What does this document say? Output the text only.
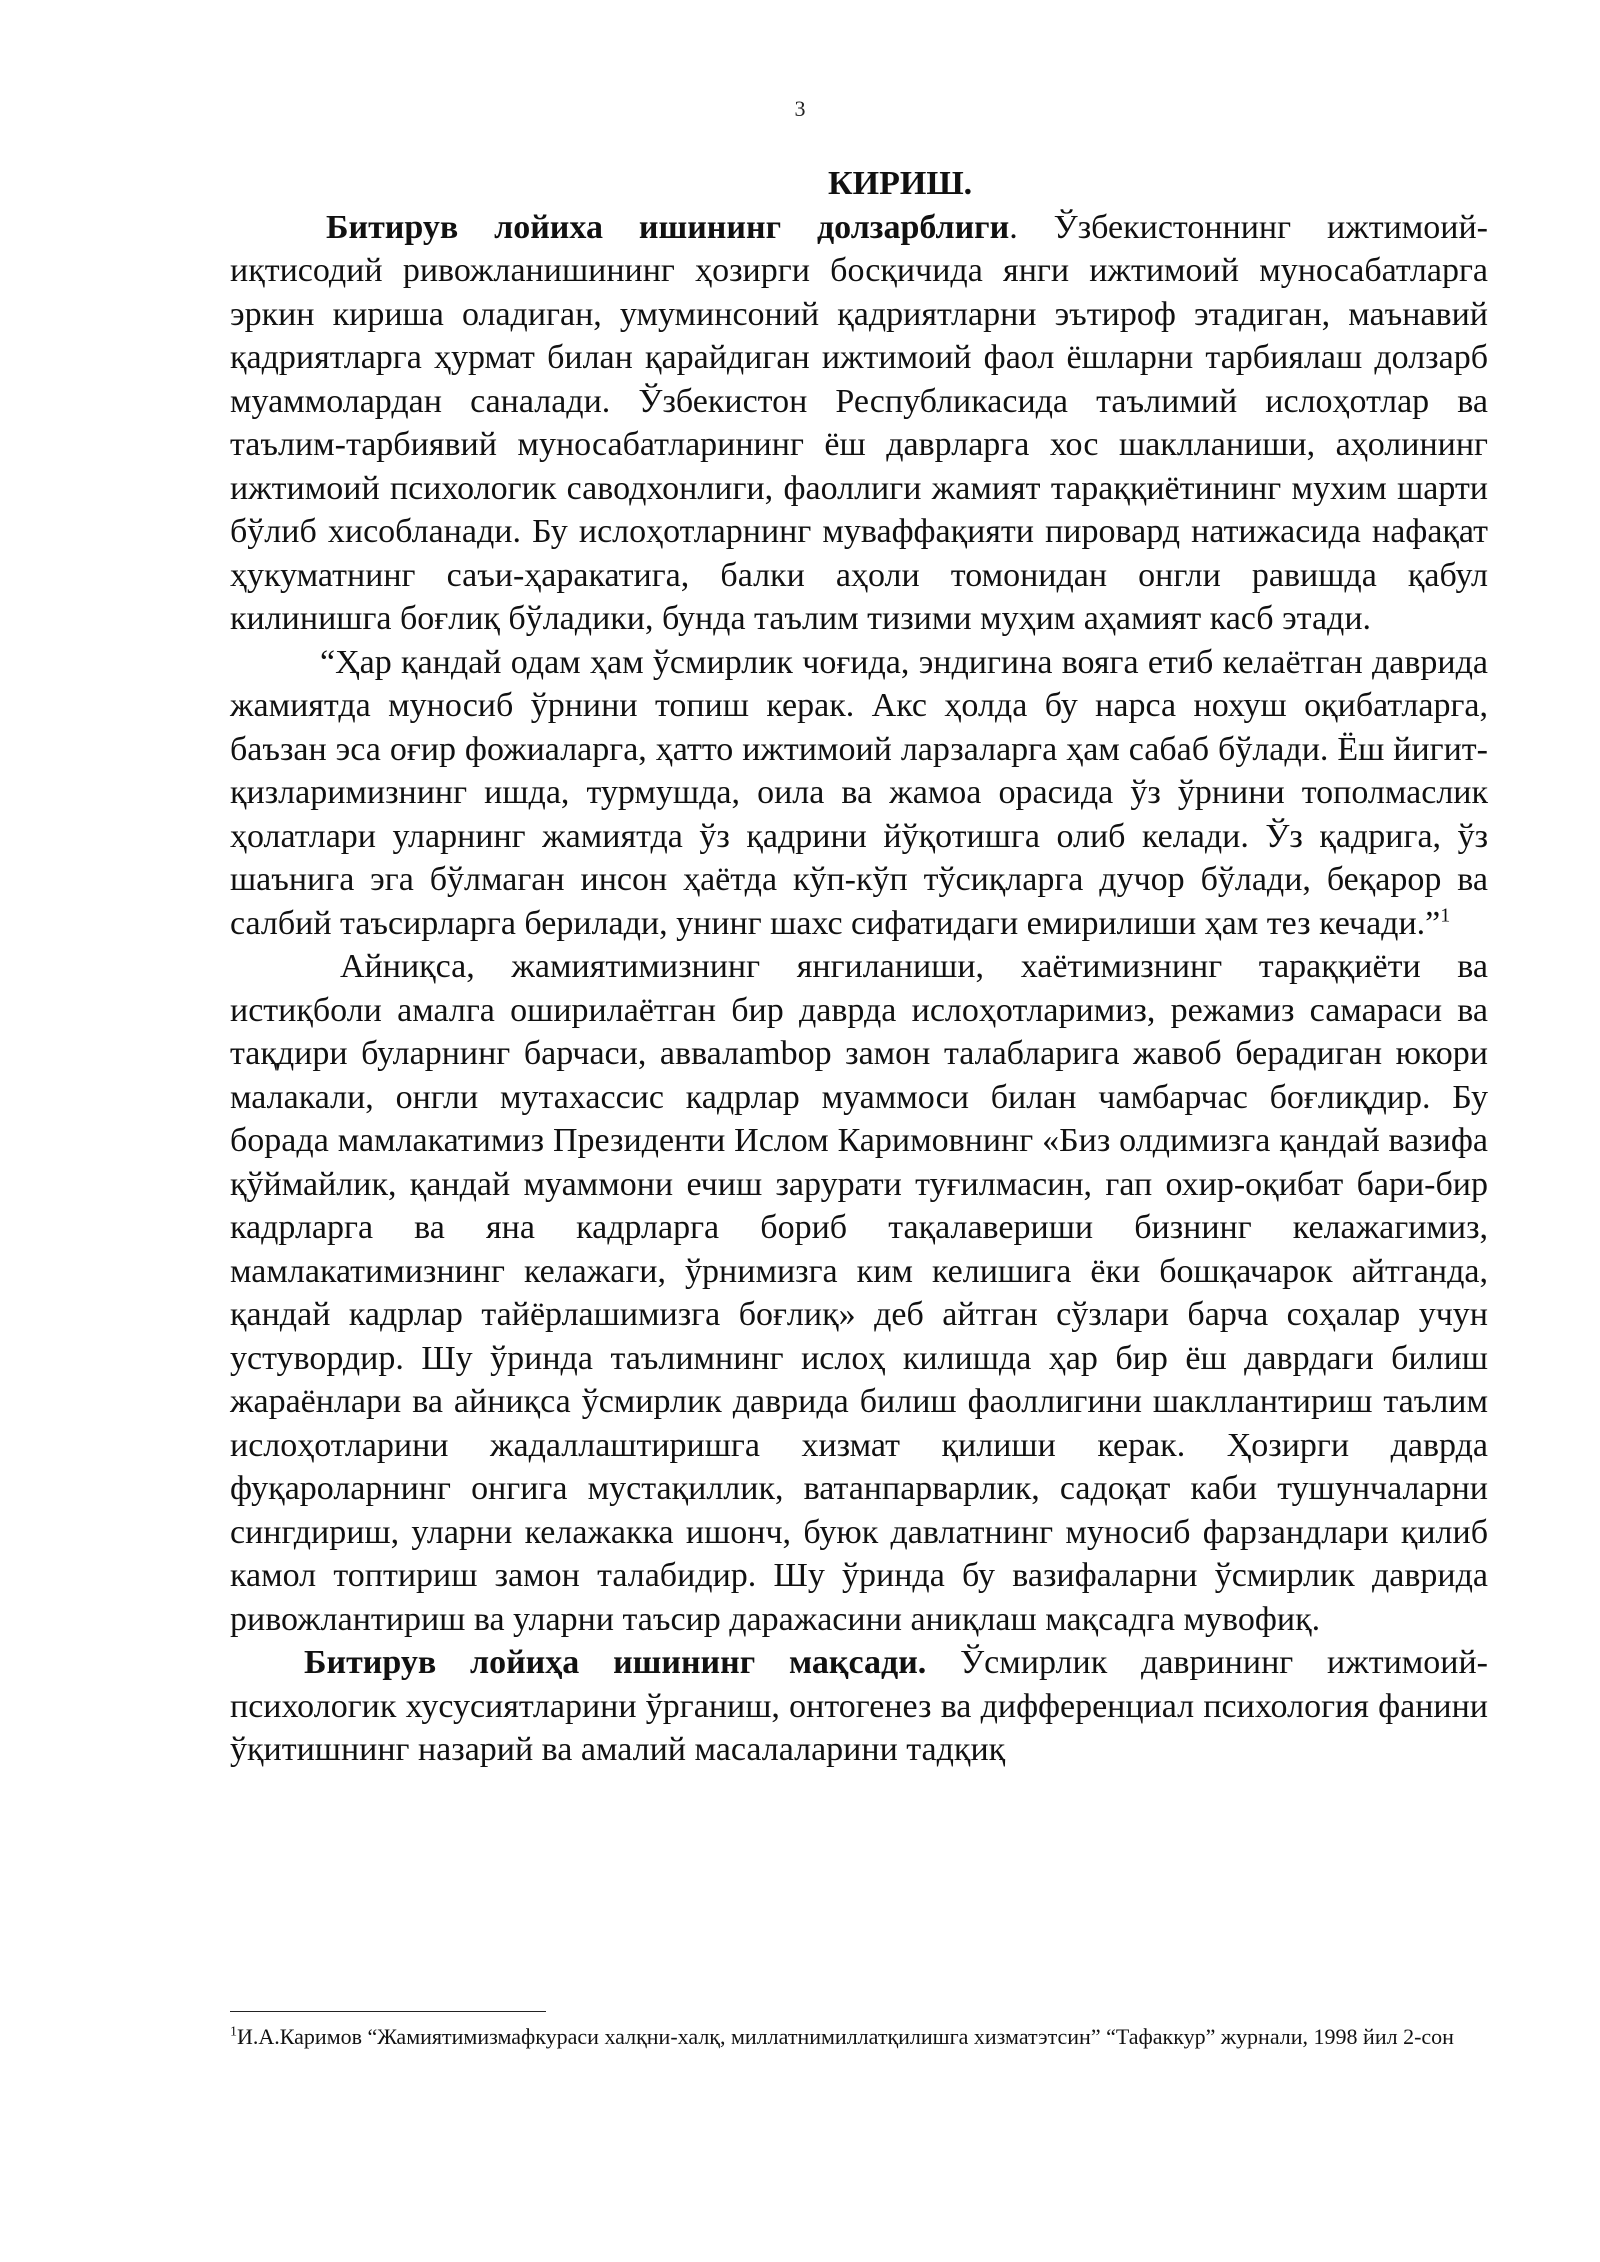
3

КИРИШ.

Битирув лойиха ишининг долзарблиги. Ўзбекистоннинг ижтимоий-иқтисодий ривожланишининг ҳозирги босқичида янги ижтимоий муносабатларга эркин кириша оладиган, умуминсоний қадриятларни эътироф этадиган, маънавий қадриятларга ҳурмат билан қарайдиган ижтимоий фаол ёшларни тарбиялаш долзарб муаммолардан саналади. Ўзбекистон Республикасида таълимий ислоҳотлар ва таълим-тарбиявий муносабатларининг ёш даврларга хос шаклланиши, аҳолининг ижтимоий психологик саводхонлиги, фаоллиги жамият тараққиётининг мухим шарти бўлиб хисобланади. Бу ислоҳотларнинг муваффақияти пировард натижасида нафақат ҳукуматнинг саъи-ҳаракатига, балки аҳоли томонидан онгли равишда қабул килинишга боғлиқ бўладики, бунда таълим тизими муҳим аҳамият касб этади.

“Ҳар қандай одам ҳам ўсмирлик чоғида, эндигина вояга етиб келаётган даврида жамиятда муносиб ўрнини топиш керак. Акс ҳолда бу нарса нохуш оқибатларга, баъзан эса оғир фожиаларга, ҳатто ижтимоий ларзаларга ҳам сабаб бўлади. Ёш йигит-қизларимизнинг ишда, турмушда, оила ва жамоа орасида ўз ўрнини тополмаслик ҳолатлари уларнинг жамиятда ўз қадрини йўқотишга олиб келади. Ўз қадрига, ўз шаънига эга бўлмаган инсон ҳаётда кўп-кўп тўсиқларга дучор бўлади, беқарор ва салбий таъсирларга берилади, унинг шахс сифатидаги емирилиши ҳам тез кечади.”$^1$

Айниқса, жамиятимизнинг янгиланиши, хаётимизнинг тараққиёти ва истиқболи амалга оширилаётган бир даврда ислоҳотларимиз, режамиз самараси ва тақдири буларнинг барчаси, аввалambор замон талабларига жавоб берадиган юкори малакали, онгли мутахассис кадрлар муаммоси билан чамбарчас боғлиқдир. Бу борада мамлакатимиз Президенти Ислом Каримовнинг «Биз олдимизга қандай вазифа қўймайлик, қандай муаммони ечиш зарурати туғилмасин, гап охир-оқибат бари-бир кадрларга ва яна кадрларга бориб тақалавериши бизнинг келажагимиз, мамлакатимизнинг келажаги, ўрнимизга ким келишига ёки бошқачарок айтганда, қандай кадрлар тайёрлашимизга боғлиқ» деб айтган сўзлари барча соҳалар учун устувордир. Шу ўринда таълимнинг ислоҳ килишда ҳар бир ёш даврдаги билиш жараёнлари ва айниқса ўсмирлик даврида билиш фаоллигини шакллантириш таълим ислоҳотларини жадаллаштиришга хизмат қилиши керак. Ҳозирги даврда фуқароларнинг онгига мустақиллик, ватанпарварлик, садоқат каби тушунчаларни сингдириш, уларни келажакка ишонч, буюк давлатнинг муносиб фарзандлари қилиб камол топтириш замон талабидир. Шу ўринда бу вазифаларни ўсмирлик даврида ривожлантириш ва уларни таъсир даражасини аниқлаш мақсадга мувофиқ.

Битирув лойиҳа ишининг мақсади. Ўсмирлик даврининг ижтимоий-психологик хусусиятларини ўрганиш, онтогенез ва дифференциал психология фанини ўқитишнинг назарий ва амалий масалаларини тадқиқ

$^1$И.А.Каримов “Жамиятимизмафкураси халқни-халқ, миллатнимиллатқилишга хизматэтсин” “Тафаккур” журнали, 1998 йил 2-сон
